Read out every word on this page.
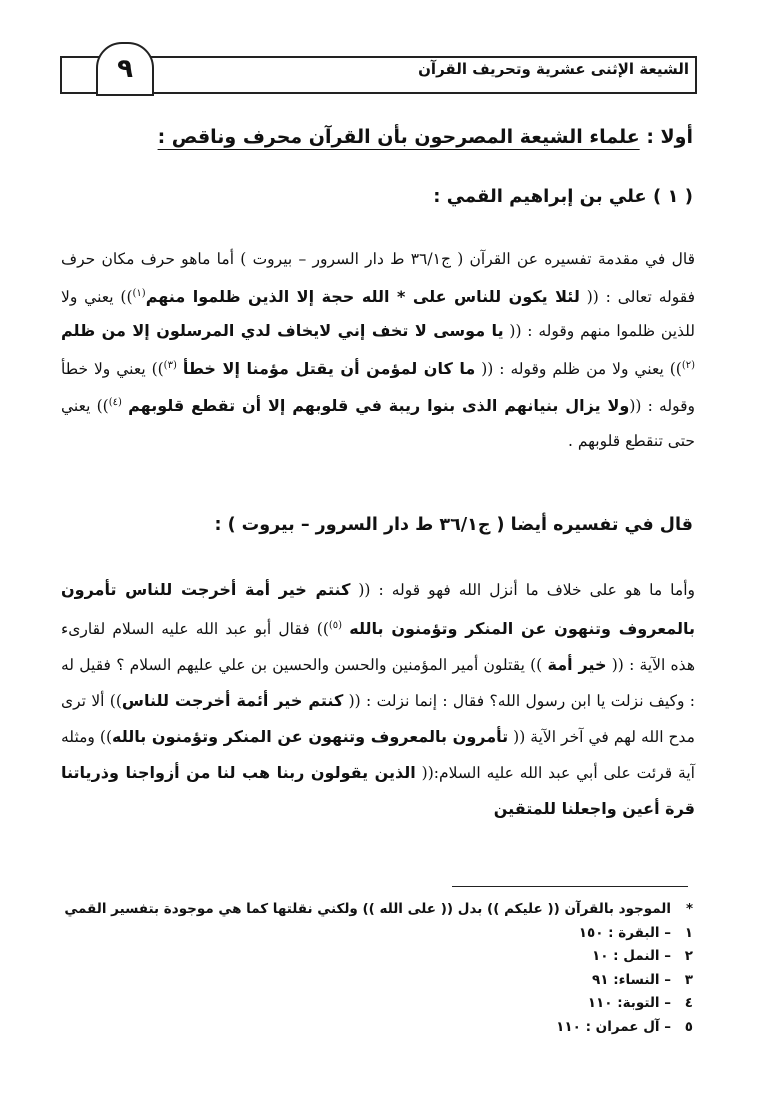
الشيعة الإثنى عشرية وتحريف القرآن
٩
أولا : علماء الشيعة المصرحون بأن القرآن محرف وناقص :
( ١ ) علي بن إبراهيم القمي :
قال في مقدمة تفسيره عن القرآن ( ج٣٦/١ ط دار السرور – بيروت ) أما ماهو حرف مكان حرف فقوله تعالى : (( لئلا يكون للناس على * الله حجة إلا الذين ظلموا منهم$^{(١)}$)) يعني ولا للذين ظلموا منهم وقوله : (( يا موسى لا تخف إني لايخاف لدي المرسلون إلا من ظلم $^{(٢)}$)) يعني ولا من ظلم وقوله : (( ما كان لمؤمن أن يقتل مؤمنا إلا خطأ $^{(٣)}$)) يعني ولا خطأ وقوله : ((ولا يزال بنيانهم الذى بنوا ريبة في قلوبهم إلا أن تقطع قلوبهم $^{(٤)}$)) يعني حتى تنقطع قلوبهم .
قال في تفسيره أيضا ( ج٣٦/١ ط دار السرور – بيروت ) :
وأما ما هو على خلاف ما أنزل الله فهو قوله : (( كنتم خير أمة أخرجت للناس تأمرون بالمعروف وتنهون عن المنكر وتؤمنون بالله $^{(٥)}$)) فقال أبو عبد الله عليه السلام لقارىء هذه الآية : (( خير أمة )) يقتلون أمير المؤمنين والحسن والحسين بن علي عليهم السلام ؟ فقيل له : وكيف نزلت يا ابن رسول الله؟ فقال : إنما نزلت : (( كنتم خير أئمة أخرجت للناس)) ألا ترى مدح الله لهم في آخر الآية (( تأمرون بالمعروف وتنهون عن المنكر وتؤمنون بالله)) ومثله آية قرئت على أبي عبد الله عليه السلام:(( الذين يقولون ربنا هب لنا من أزواجنا وذرياتنا قرة أعين واجعلنا للمتقين
*الموجود بالقرآن (( عليكم )) بدل (( على الله )) ولكني نقلتها كما هي موجودة بتفسير القمي
١– البقرة : ١٥٠
٢– النمل : ١٠
٣– النساء: ٩١
٤– التوبة: ١١٠
٥– آل عمران : ١١٠
